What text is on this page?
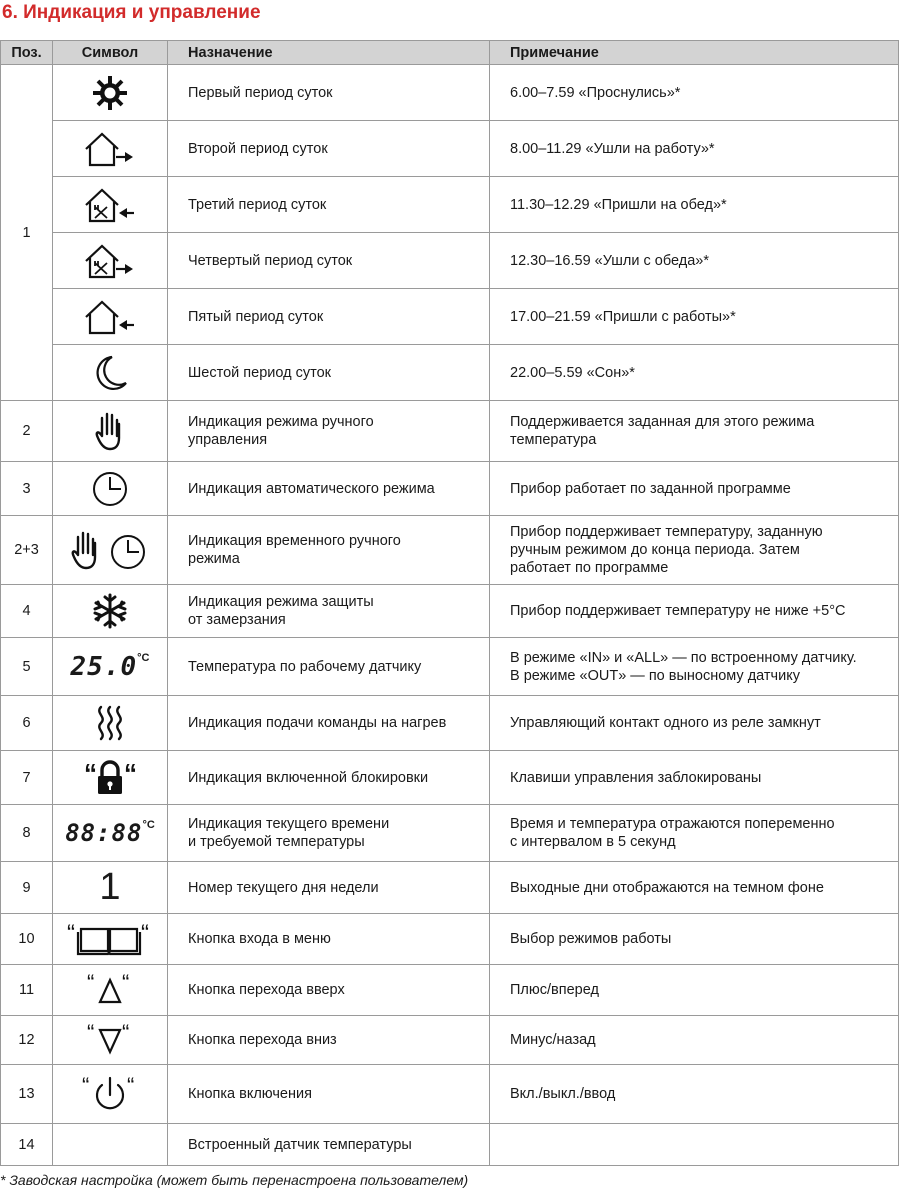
6. Индикация и управление
Поз.	Символ	Назначение	Примечание
1		Первый период суток	6.00–7.59 «Проснулись»*

Второй период суток	8.00–11.29 «Ушли на работу»*

Третий период суток	11.30–12.29 «Пришли на обед»*

Четвертый период суток	12.30–16.59 «Ушли с обеда»*

Пятый период суток	17.00–21.59 «Пришли с работы»*

Шестой период суток	22.00–5.59 «Сон»*

2		Индикация режима ручного
управления	Поддерживается заданная для этого режима
температура

3		Индикация автоматического режима	Прибор работает по заданной программе

2+3		Индикация временного ручного
режима	Прибор поддерживает температуру, заданную
ручным режимом до конца периода. Затем
работает по программе

4		Индикация режима защиты
от замерзания	Прибор поддерживает температуру не ниже +5°C

5	$25.0^{^\circ C}$	Температура по рабочему датчику	В режиме «IN» и «ALL» — по встроенному датчику.
В режиме «OUT» — по выносному датчику

6		Индикация подачи команды на нагрев	Управляющий контакт одного из реле замкнут

7	“ “	Индикация включенной блокировки	Клавиши управления заблокированы

8	$88:88^{^\circ C}$	Индикация текущего времени
и требуемой температуры	Время и температура отражаются попеременно
с интервалом в 5 секунд

9	1	Номер текущего дня недели	Выходные дни отображаются на темном фоне

10	“ “	Кнопка входа в меню	Выбор режимов работы

11	“ “	Кнопка перехода вверх	Плюс/вперед

12	“ “	Кнопка перехода вниз	Минус/назад

13	“ “	Кнопка включения	Вкл./выкл./ввод

14		Встроенный датчик температуры	

* Заводская настройка (может быть перенастроена пользователем)
